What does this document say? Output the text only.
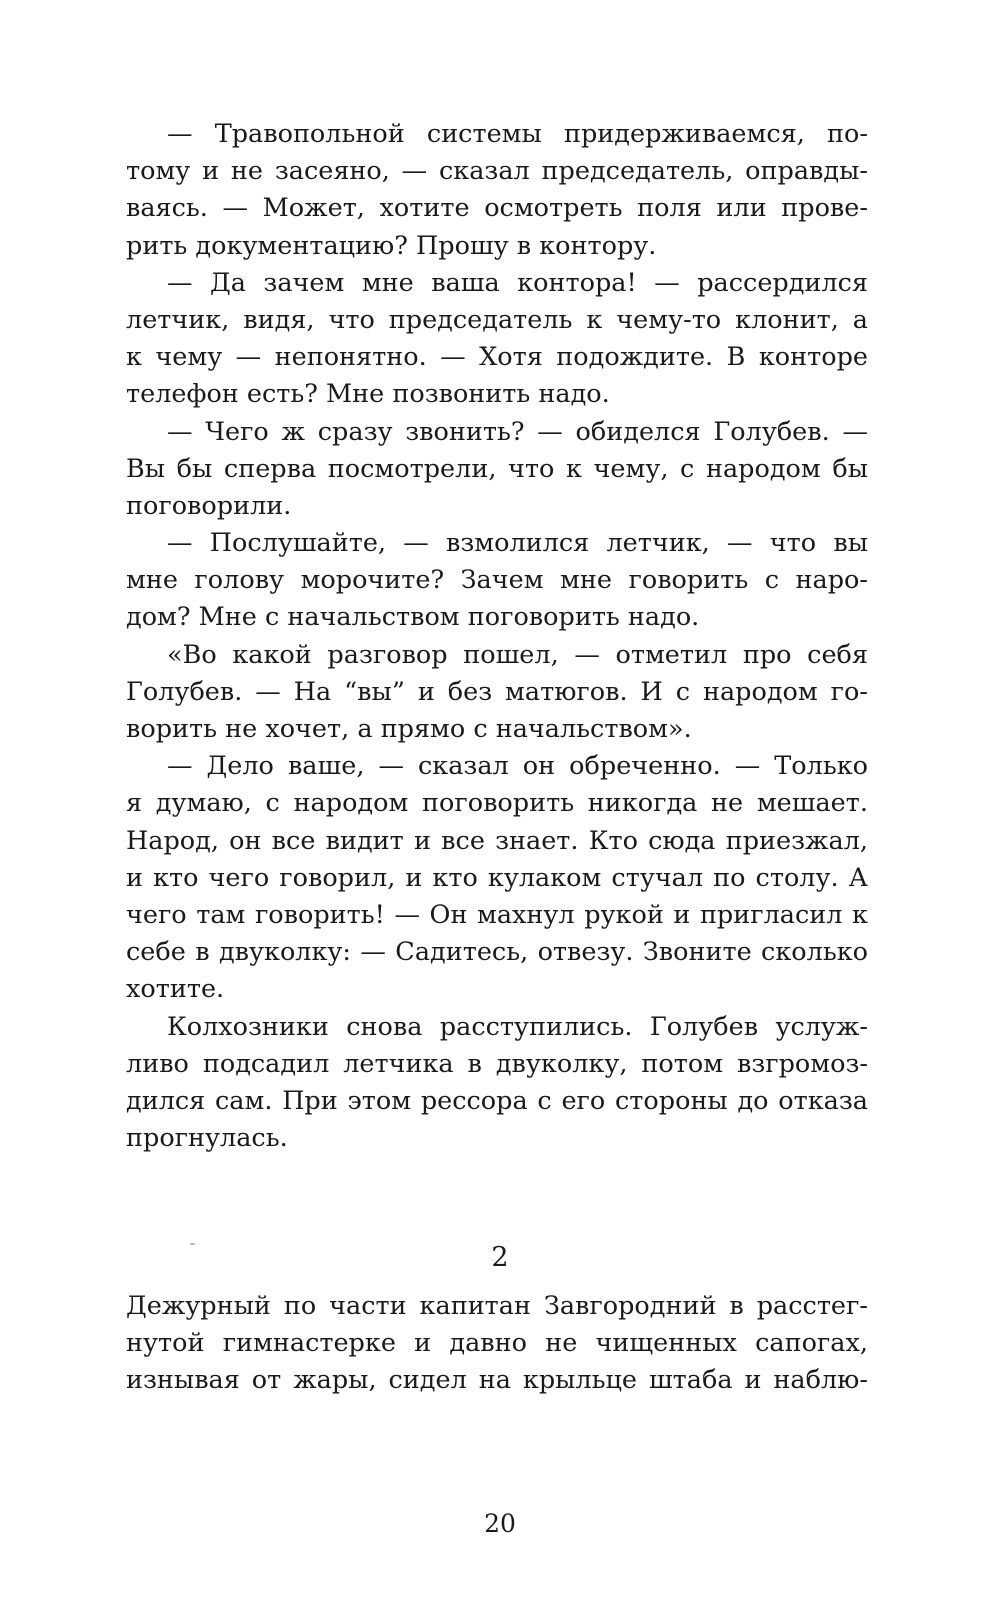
— Травопольной системы придерживаемся, по-
тому и не засеяно, — сказал председатель, оправды-
ваясь. — Может, хотите осмотреть поля или прове-
рить документацию? Прошу в контору.
— Да зачем мне ваша контора! — рассердился
летчик, видя, что председатель к чему-то клонит, а
к чему — непонятно. — Хотя подождите. В конторе
телефон есть? Мне позвонить надо.
— Чего ж сразу звонить? — обиделся Голубев. —
Вы бы сперва посмотрели, что к чему, с народом бы
поговорили.
— Послушайте, — взмолился летчик, — что вы
мне голову морочите? Зачем мне говорить с наро-
дом? Мне с начальством поговорить надо.
«Во какой разговор пошел, — отметил про себя
Голубев. — На “вы” и без матюгов. И с народом го-
ворить не хочет, а прямо с начальством».
— Дело ваше, — сказал он обреченно. — Только
я думаю, с народом поговорить никогда не мешает.
Народ, он все видит и все знает. Кто сюда приезжал,
и кто чего говорил, и кто кулаком стучал по столу. А
чего там говорить! — Он махнул рукой и пригласил к
себе в двуколку: — Садитесь, отвезу. Звоните сколько
хотите.
Колхозники снова расступились. Голубев услуж-
ливо подсадил летчика в двуколку, потом взгромоз-
дился сам. При этом рессора с его стороны до отказа
прогнулась.
2
Дежурный по части капитан Завгородний в расстег-
нутой гимнастерке и давно не чищенных сапогах,
изнывая от жары, сидел на крыльце штаба и наблю-
20
